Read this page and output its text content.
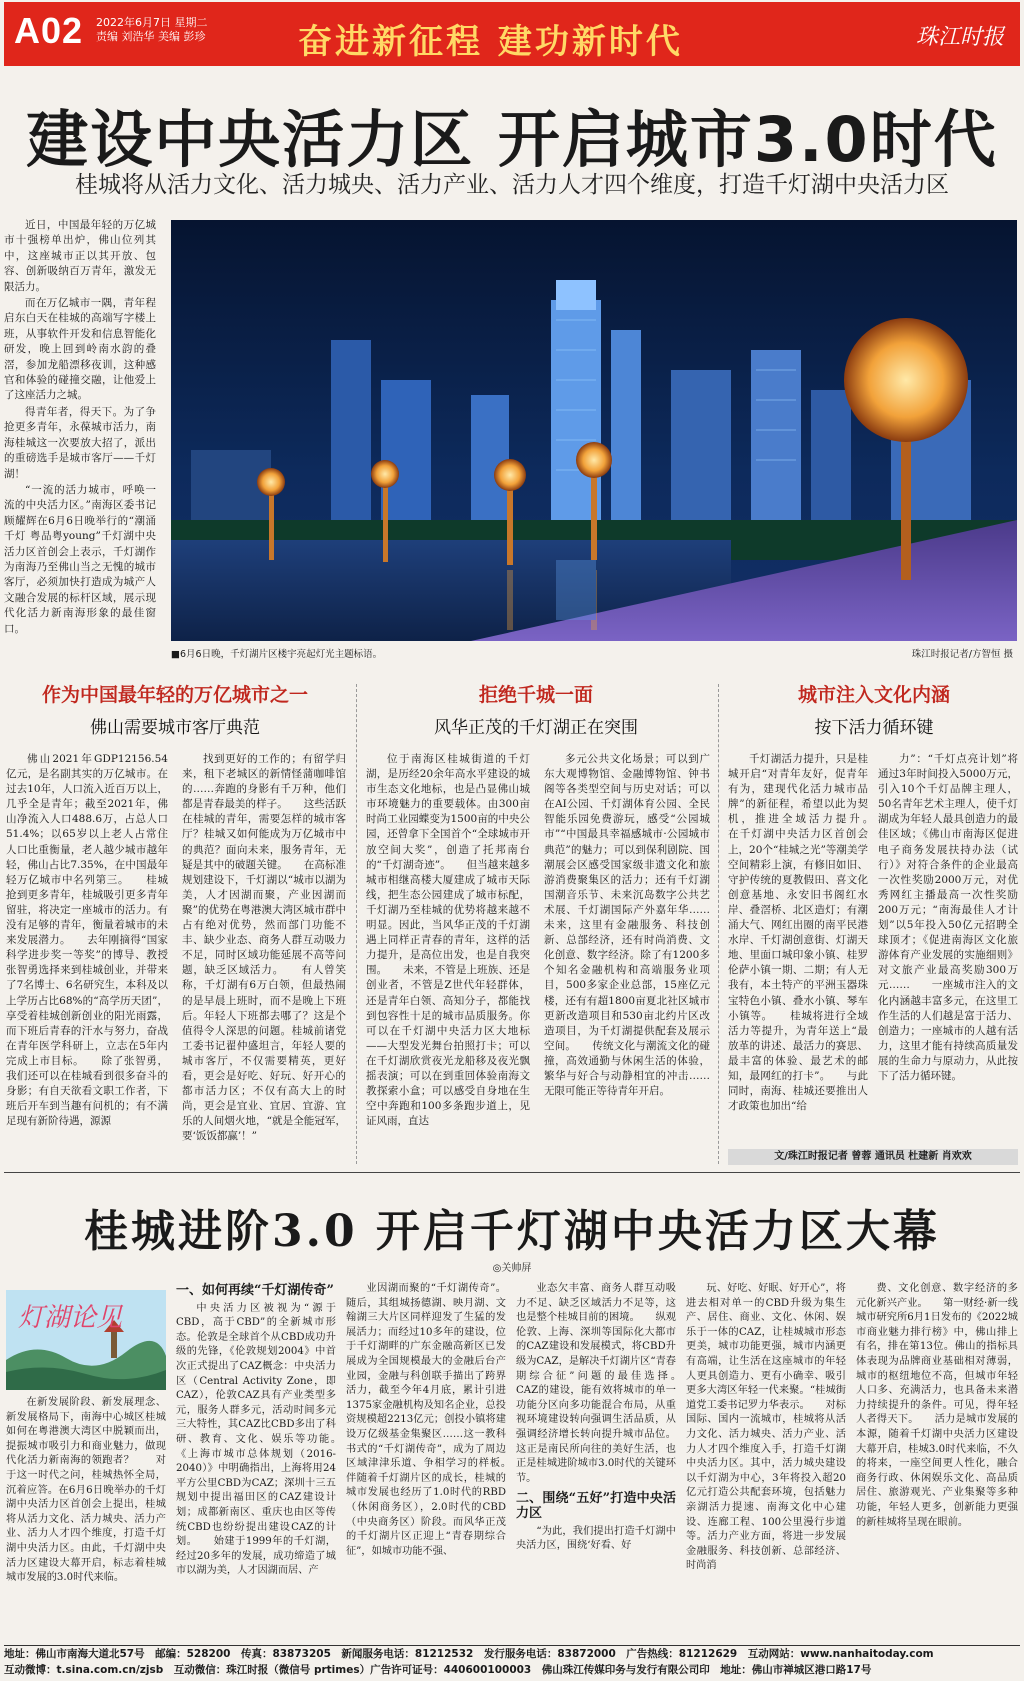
A02 2022年6月7日 星期二
责编 刘浩华 美编 彭珍	奋进新征程 建功新时代	珠江时报
建设中央活力区 开启城市3.0时代
桂城将从活力文化、活力城央、活力产业、活力人才四个维度，打造千灯湖中央活力区

近日，中国最年轻的万亿城市十强榜单出炉，佛山位列其中，这座城市正以其开放、包容、创新吸纳百万青年，激发无限活力。

而在万亿城市一隅，青年程启东白天在桂城的高端写字楼上班，从事软件开发和信息智能化研发，晚上回到岭南水韵的叠滘，参加龙船漂移夜训，这种感官和体验的碰撞交融，让他爱上了这座活力之城。

得青年者，得天下。为了争抢更多青年，永葆城市活力，南海桂城这一次要放大招了，派出的重磅选手是城市客厅——千灯湖！

“一流的活力城市，呼唤一流的中央活力区。”南海区委书记顾耀辉在6月6日晚举行的“潮涌千灯 粤品粤young”千灯湖中央活力区首创会上表示，千灯湖作为南海乃至佛山当之无愧的城市客厅，必须加快打造成为城产人文融合发展的标杆区域，展示现代化活力新南海形象的最佳窗口。

■6月6日晚，千灯湖片区楼宇亮起灯光主题标语。	珠江时报记者/方智恒 摄
作为中国最年轻的万亿城市之一
佛山需要城市客厅典范
拒绝千城一面
风华正茂的千灯湖正在突围
城市注入文化内涵
按下活力循环键

佛山2021年GDP12156.54亿元，是名副其实的万亿城市。在过去10年，人口流入近百万以上，几乎全是青年；截至2021年，佛山净流入人口488.6万，占总人口51.4%；以65岁以上老人占常住人口比重衡量，老人越少城市越年轻，佛山占比7.35%，在中国最年轻万亿城市中名列第三。　　桂城抢到更多青年，桂城吸引更多青年留驻，将决定一座城市的活力。有没有足够的青年，衡量着城市的未来发展潜力。　　去年刚摘得“国家科学进步奖一等奖”的博导、教授张智勇选择来到桂城创业，并带来了7名博士、6名研究生，本科及以上学历占比68%的“高学历天团”，享受着桂城创新创业的阳光雨露，而下班后青春的汗水与努力，奋战在青年医学科研上，立志在5年内完成上市目标。　　除了张智勇，我们还可以在桂城看到很多奋斗的身影；有自天欲看文职工作者，下班后开车到当趣有问机的；有不满足现有新阶待遇，源源

找到更好的工作的；有留学归来，租下老城区的新情怪蒲咖啡馆的……奔跑的身影有千万种，他们都是青春最美的样子。　　这些活跃在桂城的青年，需要怎样的城市客厅？桂城又如何能成为万亿城市中的典范？面向未来，服务青年，无疑是其中的破题关键。　　在高标准规划建设下，千灯湖以“城市以湖为美，人才因湖而聚，产业因湖而聚”的优势在粤港澳大湾区城市群中占有绝对优势，然而部门功能不丰、缺少业态、商务人群互动吸力不足，同时区域功能延展不高等问题，缺乏区域活力。　　有人曾笑称，千灯湖有6万白领，但最热闹的是早晨上班时，而不是晚上下班后。年轻人下班都去哪了？这是个值得令人深思的问题。桂城前诸党工委书记翟仲盛坦言，年轻人要的城市客厅，不仅需要精英，更好看，更会是好吃、好玩、好开心的都市活力区；不仅有高大上的时尚，更会是宜业、宜居、宜游、宜乐的人间烟火地，“就是全能冠军，要‘饭饭都赢’！”

位于南海区桂城街道的千灯湖，是历经20余年高水平建设的城市生态文化地标，也是凸显佛山城市环境魅力的重要载体。由300亩时尚工业园蝶变为1500亩的中央公园，还曾拿下全国首个“全球城市开放空间大奖”，创造了托邦南台的“千灯湖奇迹”。　　但当越来越多城市相继高楼大厦建成了城市天际线，把生态公园建成了城市标配，千灯湖乃至桂城的优势将越来越不明显。因此，当风华正茂的千灯湖遇上同样正青春的青年，这样的活力提升，是高位出发，也是自我突围。　　未来，不管是上班族、还是创业者，不管是Z世代年轻群体，还是青年白领、高知分子，都能找到包容性十足的城市品质服务。你可以在千灯湖中央活力区大地标——大型发光舞台拍照打卡；可以在千灯湖欣赏夜光龙船移及夜光飘摇表演；可以在到重回体验南海文教探索小盒；可以感受自身地在生空中奔跑和100多条跑步道上，见证风雨，直达

多元公共文化场景；可以到广东大观博物馆、金融博物馆、钟书阁等各类型空间与历史对话；可以在AI公园、千灯湖体育公园、全民智能乐园免费游玩，感受“公园城市”“中国最具幸福感城市·公园城市典范”的魅力；可以到保利剧院、国潮展会区感受国家级非遗文化和旅游消费聚集区的活力；还有千灯湖国潮音乐节、未来沉岛数字公共艺术展、千灯湖国际产外嘉年华……　　未来，这里有金融服务、科技创新、总部经济，还有时尚消费、文化创意、数字经济。除了有1200多个知名金融机构和高端服务业项目，500多家企业总部，15座亿元楼，还有有超1800亩夏北社区城市更新改造项目和530亩北约片区改造项目，为千灯湖提供配套及展示空间。　　传统文化与潮流文化的碰撞，高效通勤与休闲生活的体验，繁华与好合与动静相宜的冲击……无限可能正等待青年开启。

千灯湖活力提升，只是桂城开启“对青年友好，促青年有为，建现代化活力城市品牌”的新征程，希望以此为契机，推进全域活力提升。　　在千灯湖中央活力区首创会上，20个“桂城之光”等潮美学空间精彩上演，有修旧如旧、守护传统的夏教假田、喜文化创意基地、永安旧书阁红水岸、叠滘桥、北区造灯；有潮涌大气、网红出圈的南平民港水岸、千灯湖创意街、灯湖天地、里面口城印象小镇、桂罗伦萨小镇一期、二期；有人无我有，本土特产的平洲玉器珠宝特色小镇、叠水小镇、琴车小镇等。　　桂城将进行全域活力等提升，为青年送上“最放革的讲述、最活力的赛思、最丰富的体验、最艺术的邮知，最网红的打卡”。　　与此同时，南海、桂城还要推出人才政策也加出“给

力”：“千灯点亮计划”将通过3年时间投入5000万元，引入10个千灯品牌主理人，50名青年艺术主理人，使千灯湖成为年轻人最具创造力的最佳区域；《佛山市南海区促进电子商务发展扶持办法（试行）》对符合条件的企业最高一次性奖励2000万元，对优秀网红主播最高一次性奖励200万元；“南海最佳人才计划”以5年投入50亿元招聘全球顶才；《促进南海区文化旅游体育产业发展的实施细则》对文旅产业最高奖励300万元……　　一座城市注入的文化内涵越丰富多元，在这里工作生活的人们越是富于活力、创造力；一座城市的人越有活力，这里才能有持续高质量发展的生命力与原动力，从此按下了活力循环键。

文/珠江时报记者 曾蓉 通讯员 杜建新 肖欢欢
桂城进阶3.0 开启千灯湖中央活力区大幕
◎关帅屏
灯湖论见

在新发展阶段、新发展理念、新发展格局下，南海中心城区桂城如何在粤港澳大湾区中脱颖而出，提振城市吸引力和商业魅力，做现代化活力新南海的领跑者？　　对于这一时代之问，桂城热怀全局，沉着应答。在6月6日晚举办的千灯湖中央活力区首创会上提出，桂城将从活力文化、活力城央、活力产业、活力人才四个维度，打造千灯湖中央活力区。由此，千灯湖中央活力区建设大幕开启，标志着桂城城市发展的3.0时代来临。

一、如何再续“千灯湖传奇”

中央活力区被视为“源于CBD，高于CBD”的全新城市形态。伦敦是全球首个从CBD成功升级的先锋，《伦敦规划2004》中首次正式提出了CAZ概念：中央活力区（Central Activity Zone，即CAZ），伦敦CAZ具有产业类型多元，服务人群多元，活动时间多元三大特性，其CAZ比CBD多出了科研、教育、文化、娱乐等功能。　　《上海市城市总体规划（2016-2040）》中明确指出，上海将用24平方公里CBD为CAZ；深圳十三五规划中提出福田区的CAZ建设计划；成都新南区、重庆也由区等传统CBD也纷纷提出建设CAZ的计划。　　始建于1999年的千灯湖，经过20多年的发展，成功缔造了城市以湖为美，人才因湖而居、产

业因湖而聚的“千灯湖传奇”。随后，其组城扬德湖、映月湖、文翰湖三大片区同样迎发了生猛的发展活力；而经过10多年的建设，位于千灯湖畔的广东金融高新区已发展成为全国规模最大的金融后台产业园，金融与科创联手描出了跨界活力，截至今年4月底，累计引进1375家金融机构及知名企业，总投资规模超2213亿元；创投小镇将建设万亿级基金集聚区……这一教科书式的“千灯湖传奇”，成为了周边区域津津乐道、争相学习的样板。　　伴随着千灯湖片区的成长，桂城的城市发展也经历了1.0时代的RBD（休闲商务区），2.0时代的CBD（中央商务区）阶段。而风华正茂的千灯湖片区正迎上“青春期综合征”，如城市功能不强、

业态欠丰富、商务人群互动吸力不足、缺乏区域活力不足等，这也是整个桂城目前的困境。　　纵观伦敦、上海、深圳等国际化大都市的CAZ建设和发展模式，将CBD升级为CAZ，是解决千灯湖片区“青春期综合征”问题的最佳选择。　　CAZ的建设，能有效将城市的单一功能分区向多功能混合布局，从重视环境建设转向强调生活品质，从强调经济增长转向提升城市品位。这正是南民所向往的美好生活，也正是桂城进阶城市3.0时代的关键环节。

二、围绕“五好”打造中央活力区

“为此，我们提出打造千灯湖中央活力区，围绕‘好看、好

玩、好吃、好眠、好开心”，将进去相对单一的CBD升级为集生产、居住、商业、文化、休闲、娱乐于一体的CAZ，让桂城城市形态更美，城市功能更强，城市内涵更有高端，让生活在这座城市的年轻人更具创造力、更有小确幸、吸引更多大湾区年轻一代来聚。“桂城街道党工委书记罗力华表示。　　对标国际、国内一流城市，桂城将从活力文化、活力城央、活力产业、活力人才四个维度入手，打造千灯湖中央活力区。其中，活力城央建设以千灯湖为中心，3年将投入超20亿元打造公共配套环境，包括魅力亲湖活力提速、南海文化中心建设、连廊工程、100公里漫行步道等。活力产业方面，将进一步发展金融服务、科技创新、总部经济、时尚消

费、文化创意、数字经济的多元化新兴产业。　　第一财经·新一线城市研究所6月1日发布的《2022城市商业魅力排行榜》中，佛山排上有名，排在第13位。佛山的指标具体表现为品牌商业基础相对薄弱，城市的枢纽地位不高，但城市年轻人口多、充满活力，也具备未来潜力持续提升的条件。可见，得年轻人者得天下。　　活力是城市发展的本源，随着千灯湖中央活力区建设大幕开启，桂城3.0时代来临，不久的将来，一座空间更人性化，融合商务行政、休闲娱乐文化、高品质居住、旅游观光、产业集聚等多种功能，年轻人更多，创新能力更强的新桂城将呈现在眼前。

地址：佛山市南海大道北57号　邮编：528200　传真：83873205　新闻服务电话：81212532　发行服务电话：83872000　广告热线：81212629　互动网站：www.nanhaitoday.com
互动微博：t.sina.com.cn/zjsb　互动微信：珠江时报（微信号 prtimes）广告许可证号：440600100003　佛山珠江传媒印务与发行有限公司印　地址：佛山市禅城区港口路17号
